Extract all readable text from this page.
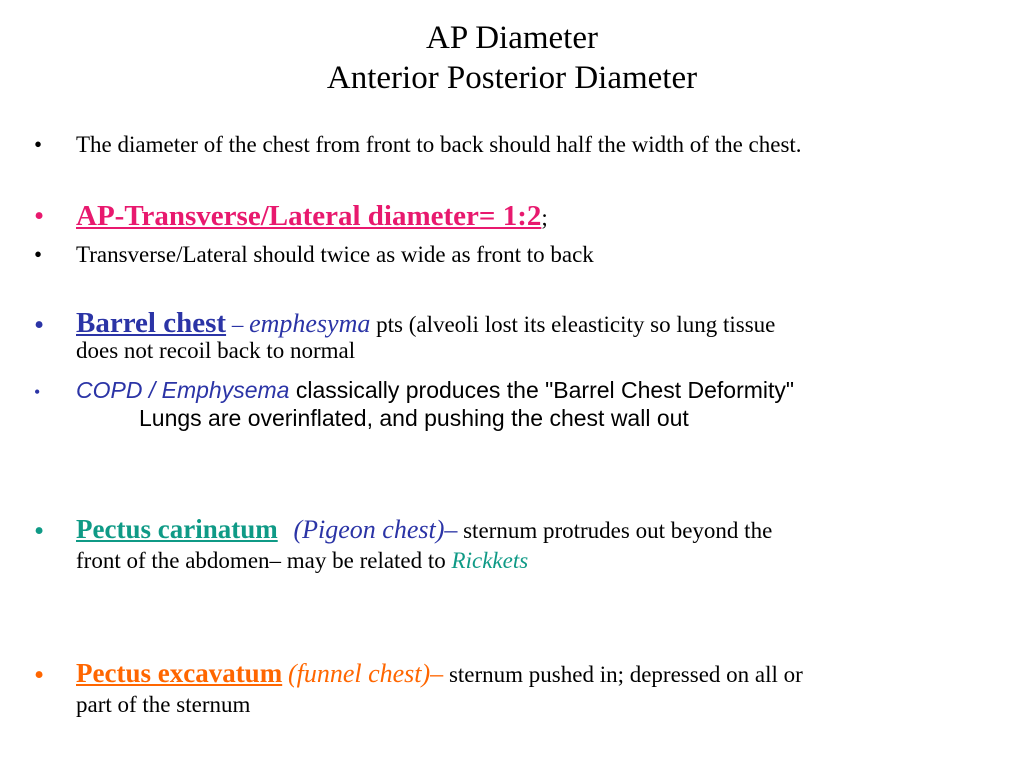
AP Diameter
Anterior Posterior Diameter
• The diameter of the chest from front to back should half the width of the chest.
• AP-Transverse/Lateral diameter= 1:2;
• Transverse/Lateral should twice as wide as front to back
• Barrel chest – emphesyma pts (alveoli lost its eleasticity so lung tissue
does not recoil back to normal
• COPD / Emphysema classically produces the "Barrel Chest Deformity"
Lungs are overinflated, and pushing the chest wall out
• Pectus carinatum (Pigeon chest)– sternum protrudes out beyond the
front of the abdomen– may be related to Rickkets
• Pectus excavatum (funnel chest)– sternum pushed in; depressed on all or
part of the sternum
